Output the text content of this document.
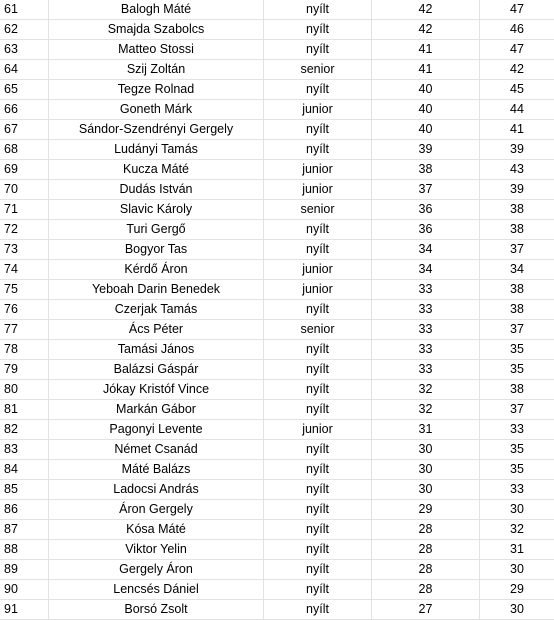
61	Balogh Máté	nyílt	42	47
62	Smajda Szabolcs	nyílt	42	46
63	Matteo Stossi	nyílt	41	47
64	Szij Zoltán	senior	41	42
65	Tegze Rolnad	nyílt	40	45
66	Goneth Márk	junior	40	44
67	Sándor-Szendrényi Gergely	nyílt	40	41
68	Ludányi Tamás	nyílt	39	39
69	Kucza Máté	junior	38	43
70	Dudás István	junior	37	39
71	Slavic Károly	senior	36	38
72	Turi Gergő	nyílt	36	38
73	Bogyor Tas	nyílt	34	37
74	Kérdő Áron	junior	34	34
75	Yeboah Darin Benedek	junior	33	38
76	Czerjak Tamás	nyílt	33	38
77	Ács Péter	senior	33	37
78	Tamási János	nyílt	33	35
79	Balázsi Gáspár	nyílt	33	35
80	Jókay Kristóf Vince	nyílt	32	38
81	Markán Gábor	nyílt	32	37
82	Pagonyi Levente	junior	31	33
83	Német Csanád	nyílt	30	35
84	Máté Balázs	nyílt	30	35
85	Ladocsi András	nyílt	30	33
86	Áron Gergely	nyílt	29	30
87	Kósa Máté	nyílt	28	32
88	Viktor Yelin	nyílt	28	31
89	Gergely Áron	nyílt	28	30
90	Lencsés Dániel	nyílt	28	29
91	Borsó Zsolt	nyílt	27	30
